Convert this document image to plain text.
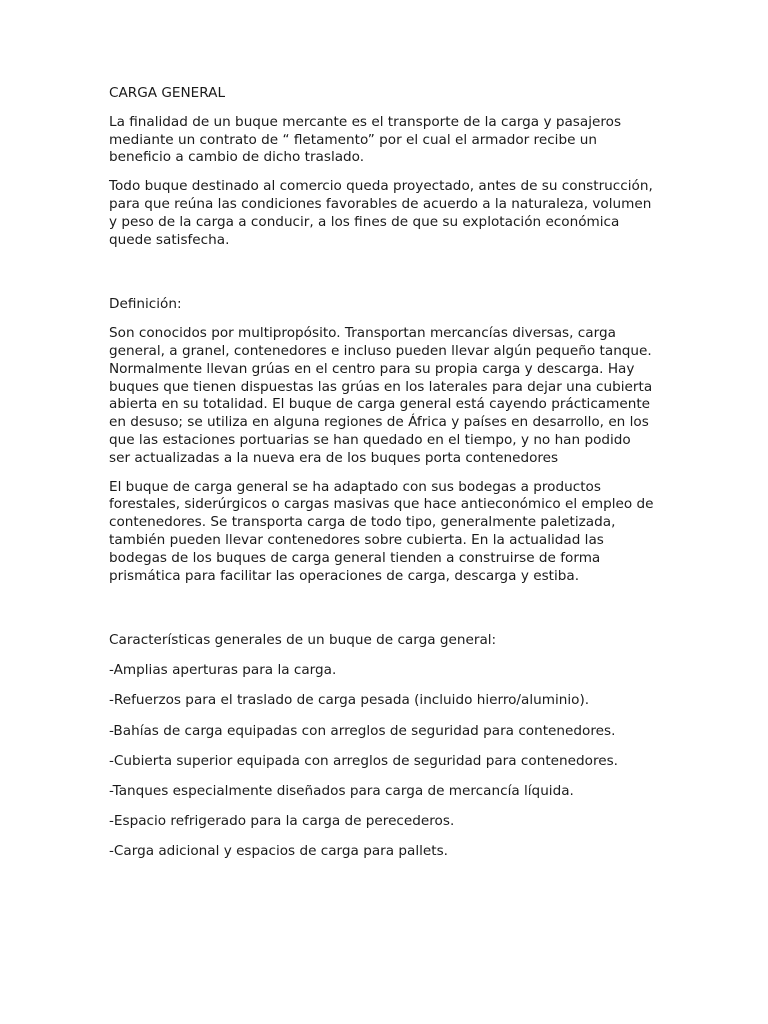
CARGA GENERAL

La finalidad de un buque mercante es el transporte de la carga y pasajeros mediante un contrato de “ fletamento” por el cual el armador recibe un beneficio a cambio de dicho traslado.

Todo buque destinado al comercio queda proyectado, antes de su construcción, para que reúna las condiciones favorables de acuerdo a la naturaleza, volumen y peso de la carga a conducir, a los fines de que su explotación económica quede satisfecha.

Definición:

Son conocidos por multipropósito. Transportan mercancías diversas, carga general, a granel, contenedores e incluso pueden llevar algún pequeño tanque. Normalmente llevan grúas en el centro para su propia carga y descarga. Hay buques que tienen dispuestas las grúas en los laterales para dejar una cubierta abierta en su totalidad. El buque de carga general está cayendo prácticamente en desuso; se utiliza en alguna regiones de África y países en desarrollo, en los que las estaciones portuarias se han quedado en el tiempo, y no han podido ser actualizadas a la nueva era de los buques porta contenedores

El buque de carga general se ha adaptado con sus bodegas a productos forestales, siderúrgicos o cargas masivas que hace antieconómico el empleo de contenedores. Se transporta carga de todo tipo, generalmente paletizada, también pueden llevar contenedores sobre cubierta. En la actualidad las bodegas de los buques de carga general tienden a construirse de forma prismática para facilitar las operaciones de carga, descarga y estiba.

Características generales de un buque de carga general:

-Amplias aperturas para la carga.

-Refuerzos para el traslado de carga pesada (incluido hierro/aluminio).

-Bahías de carga equipadas con arreglos de seguridad para contenedores.

-Cubierta superior equipada con arreglos de seguridad para contenedores.

-Tanques especialmente diseñados para carga de mercancía líquida.

-Espacio refrigerado para la carga de perecederos.

-Carga adicional y espacios de carga para pallets.
